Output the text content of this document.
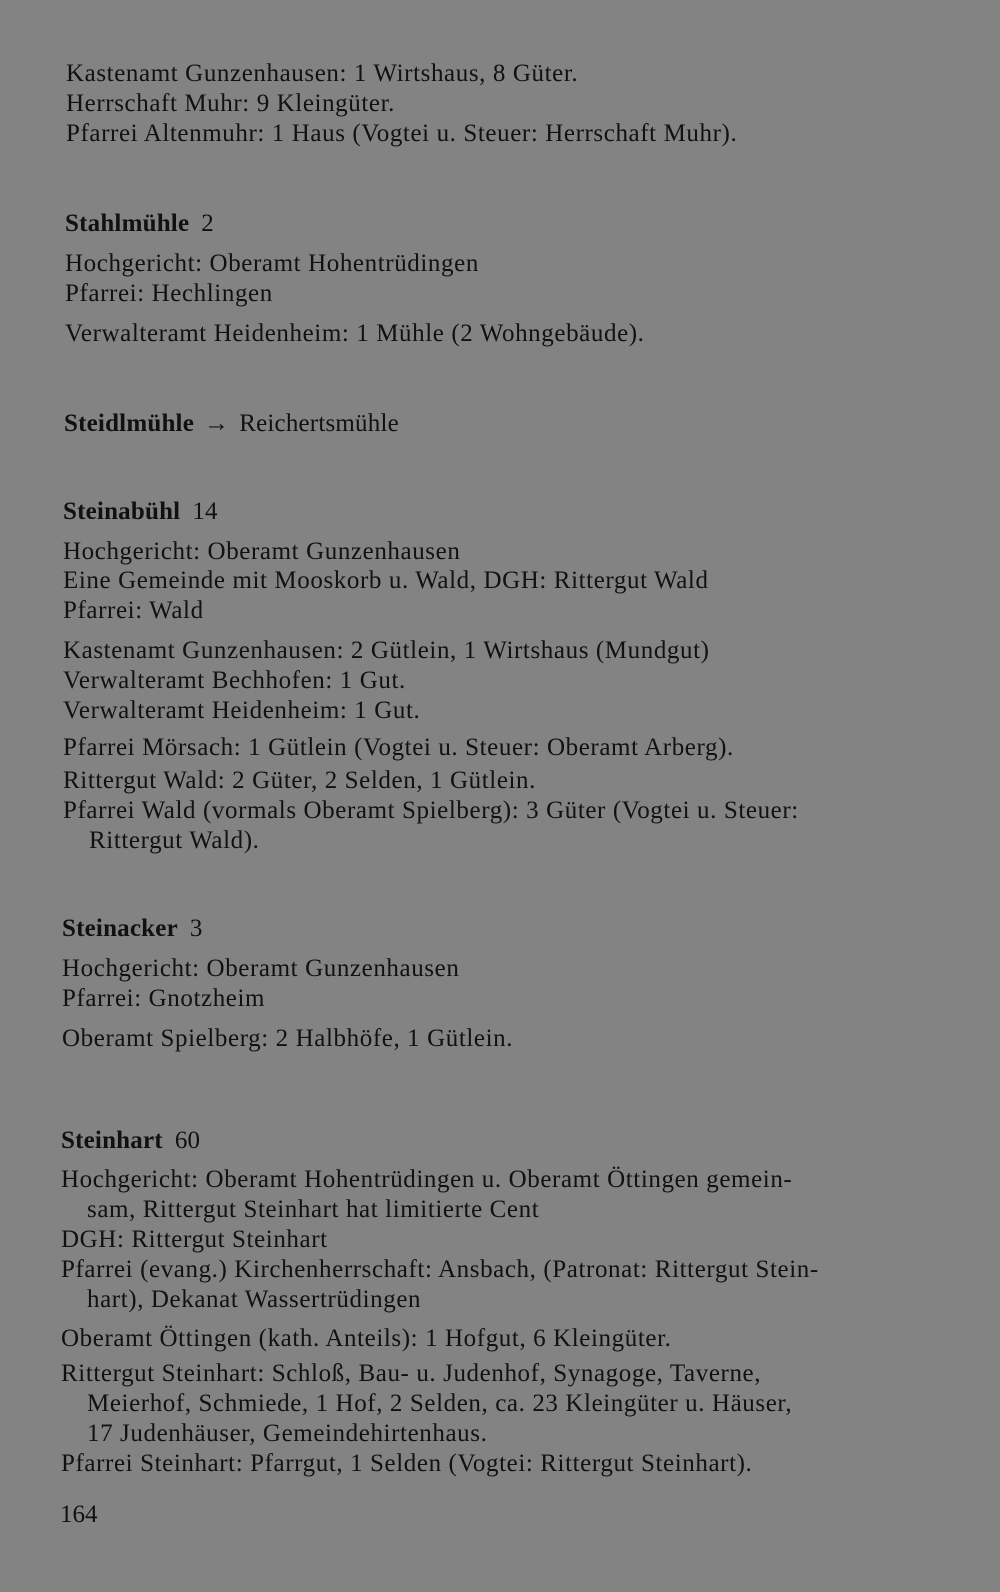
Kastenamt Gunzenhausen: 1 Wirtshaus, 8 Güter.
Herrschaft Muhr: 9 Kleingüter.
Pfarrei Altenmuhr: 1 Haus (Vogtei u. Steuer: Herrschaft Muhr).
Stahlmühle 2
Hochgericht: Oberamt Hohentrüdingen
Pfarrei: Hechlingen
Verwalteramt Heidenheim: 1 Mühle (2 Wohngebäude).
Steidlmühle → Reichertsmühle
Steinabühl 14
Hochgericht: Oberamt Gunzenhausen
Eine Gemeinde mit Mooskorb u. Wald, DGH: Rittergut Wald
Pfarrei: Wald
Kastenamt Gunzenhausen: 2 Gütlein, 1 Wirtshaus (Mundgut)
Verwalteramt Bechhofen: 1 Gut.
Verwalteramt Heidenheim: 1 Gut.
Pfarrei Mörsach: 1 Gütlein (Vogtei u. Steuer: Oberamt Arberg).
Rittergut Wald: 2 Güter, 2 Selden, 1 Gütlein.
Pfarrei Wald (vormals Oberamt Spielberg): 3 Güter (Vogtei u. Steuer:
Rittergut Wald).
Steinacker 3
Hochgericht: Oberamt Gunzenhausen
Pfarrei: Gnotzheim
Oberamt Spielberg: 2 Halbhöfe, 1 Gütlein.
Steinhart 60
Hochgericht: Oberamt Hohentrüdingen u. Oberamt Öttingen gemein-
sam, Rittergut Steinhart hat limitierte Cent
DGH: Rittergut Steinhart
Pfarrei (evang.) Kirchenherrschaft: Ansbach, (Patronat: Rittergut Stein-
hart), Dekanat Wassertrüdingen
Oberamt Öttingen (kath. Anteils): 1 Hofgut, 6 Kleingüter.
Rittergut Steinhart: Schloß, Bau- u. Judenhof, Synagoge, Taverne,
Meierhof, Schmiede, 1 Hof, 2 Selden, ca. 23 Kleingüter u. Häuser,
17 Judenhäuser, Gemeindehirtenhaus.
Pfarrei Steinhart: Pfarrgut, 1 Selden (Vogtei: Rittergut Steinhart).
164
